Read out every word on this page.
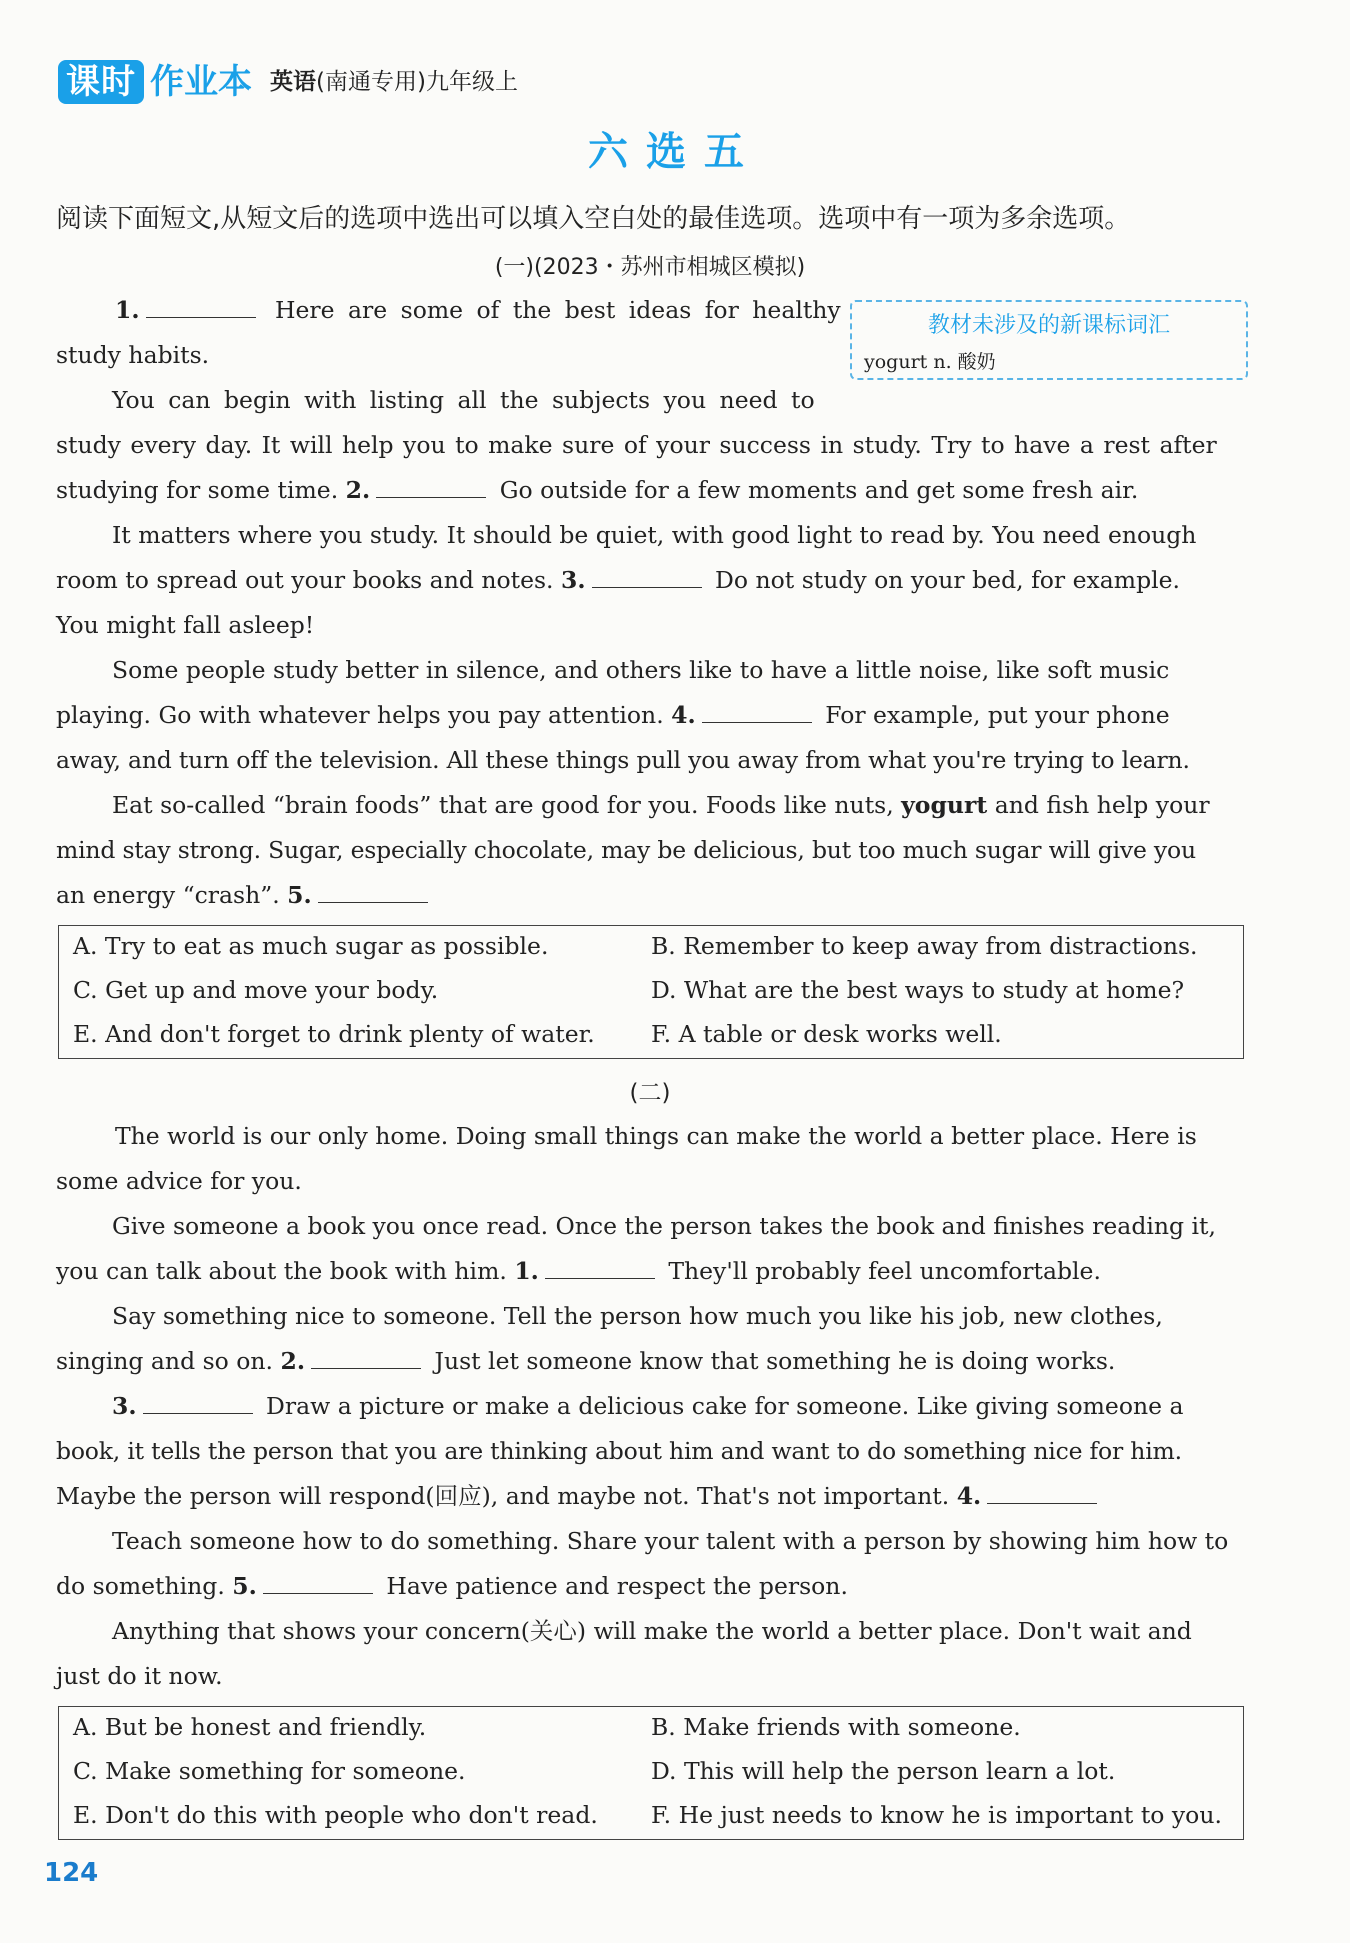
课时 作业本 英语(南通专用)九年级上
六选五
阅读下面短文,从短文后的选项中选出可以填入空白处的最佳选项。选项中有一项为多余选项。
(一)(2023・苏州市相城区模拟)
教材未涉及的新课标词汇
yogurt n. 酸奶
1.	Here are some of the best ideas for healthy
study habits.
You can begin with listing all the subjects you need to
study every day. It will help you to make sure of your success in study. Try to have a rest after
studying for some time. 2.	Go outside for a few moments and get some fresh air.
It matters where you study. It should be quiet, with good light to read by. You need enough
room to spread out your books and notes. 3.	Do not study on your bed, for example.
You might fall asleep!
Some people study better in silence, and others like to have a little noise, like soft music
playing. Go with whatever helps you pay attention. 4.	For example, put your phone
away, and turn off the television. All these things pull you away from what you're trying to learn.
Eat so-called “brain foods” that are good for you. Foods like nuts, yogurt and fish help your
mind stay strong. Sugar, especially chocolate, may be delicious, but too much sugar will give you
an energy “crash”. 5.
A. Try to eat as much sugar as possible.	B. Remember to keep away from distractions.
C. Get up and move your body.	D. What are the best ways to study at home?
E. And don't forget to drink plenty of water. F. A table or desk works well.
(二)
The world is our only home. Doing small things can make the world a better place. Here is
some advice for you.
Give someone a book you once read. Once the person takes the book and finishes reading it,
you can talk about the book with him. 1.	They'll probably feel uncomfortable.
Say something nice to someone. Tell the person how much you like his job, new clothes,
singing and so on. 2.	Just let someone know that something he is doing works.
3.	Draw a picture or make a delicious cake for someone. Like giving someone a
book, it tells the person that you are thinking about him and want to do something nice for him.
Maybe the person will respond(回应), and maybe not. That's not important. 4.
Teach someone how to do something. Share your talent with a person by showing him how to
do something. 5.	Have patience and respect the person.
Anything that shows your concern(关心) will make the world a better place. Don't wait and
just do it now.
A. But be honest and friendly.	B. Make friends with someone.
C. Make something for someone.	D. This will help the person learn a lot.
E. Don't do this with people who don't read. F. He just needs to know he is important to you.
124
